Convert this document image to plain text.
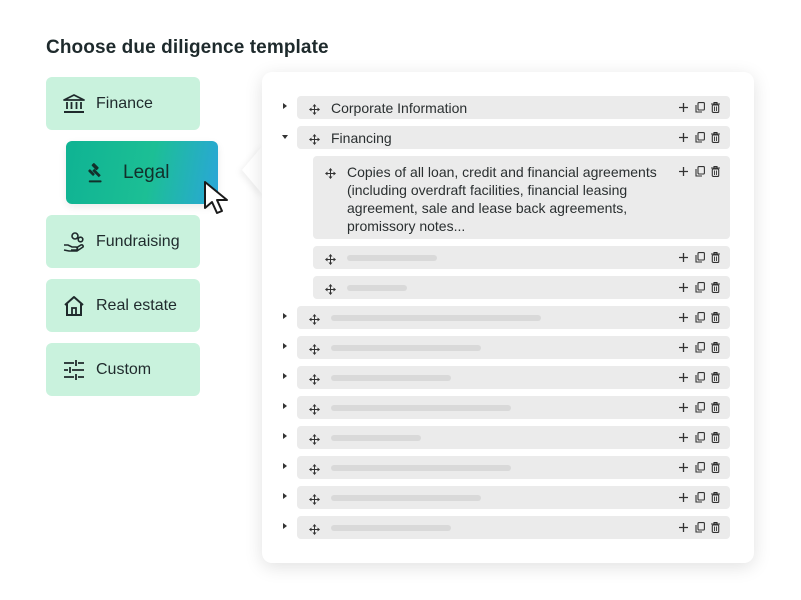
Choose due diligence template
Finance
Legal
Fundraising
Real estate
Custom
Corporate Information
Financing
Copies of all loan, credit and financial agreements (including overdraft facilities, financial leasing agreement, sale and lease back agreements, promissory notes...
